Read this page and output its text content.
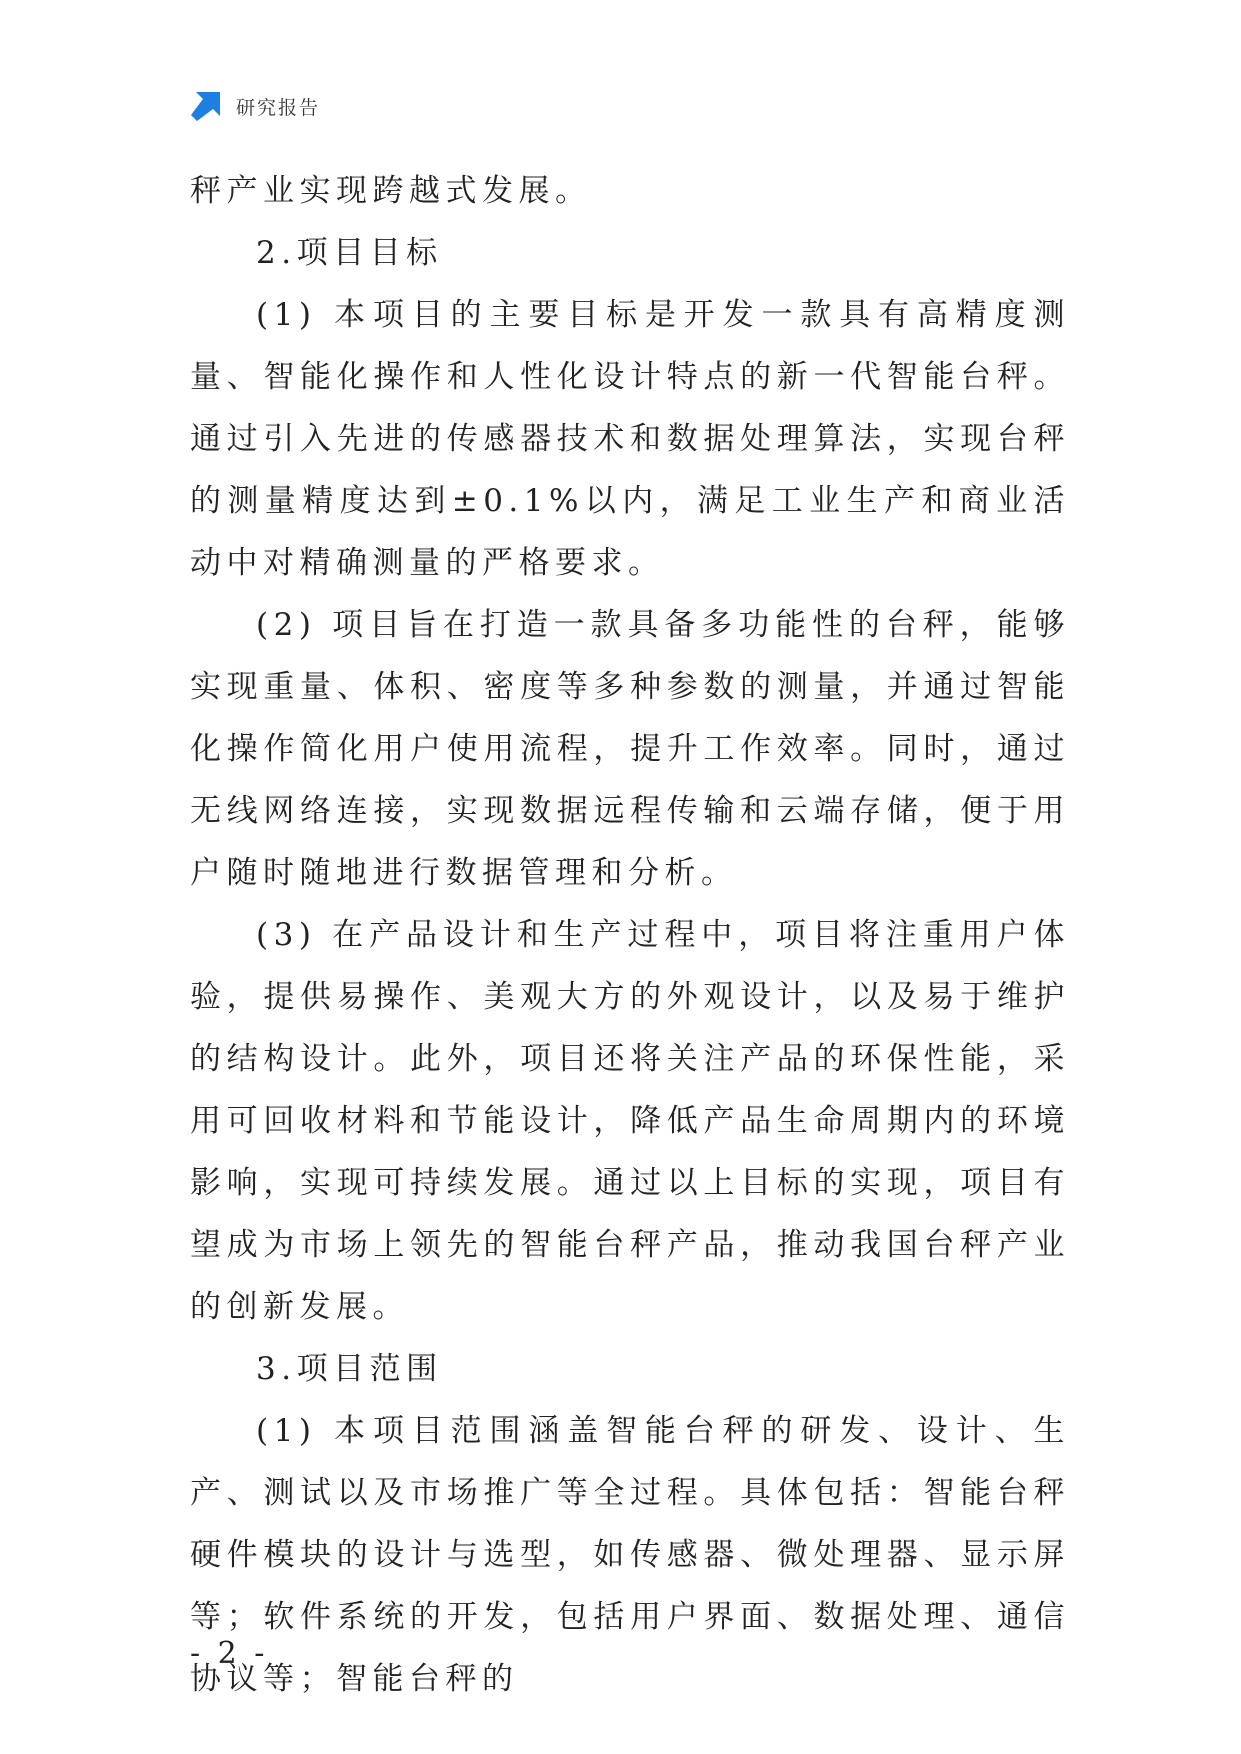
研究报告

秤产业实现跨越式发展。

2.项目目标

(1) 本项目的主要目标是开发一款具有高精度测量、智能化操作和人性化设计特点的新一代智能台秤。通过引入先进的传感器技术和数据处理算法，实现台秤的测量精度达到±0.1%以内，满足工业生产和商业活动中对精确测量的严格要求。

(2) 项目旨在打造一款具备多功能性的台秤，能够实现重量、体积、密度等多种参数的测量，并通过智能化操作简化用户使用流程，提升工作效率。同时，通过无线网络连接，实现数据远程传输和云端存储，便于用户随时随地进行数据管理和分析。

(3) 在产品设计和生产过程中，项目将注重用户体验，提供易操作、美观大方的外观设计，以及易于维护的结构设计。此外，项目还将关注产品的环保性能，采用可回收材料和节能设计，降低产品生命周期内的环境影响，实现可持续发展。通过以上目标的实现，项目有望成为市场上领先的智能台秤产品，推动我国台秤产业的创新发展。

3.项目范围

(1) 本项目范围涵盖智能台秤的研发、设计、生产、测试以及市场推广等全过程。具体包括：智能台秤硬件模块的设计与选型，如传感器、微处理器、显示屏等；软件系统的开发，包括用户界面、数据处理、通信协议等；智能台秤的

- 2 -
